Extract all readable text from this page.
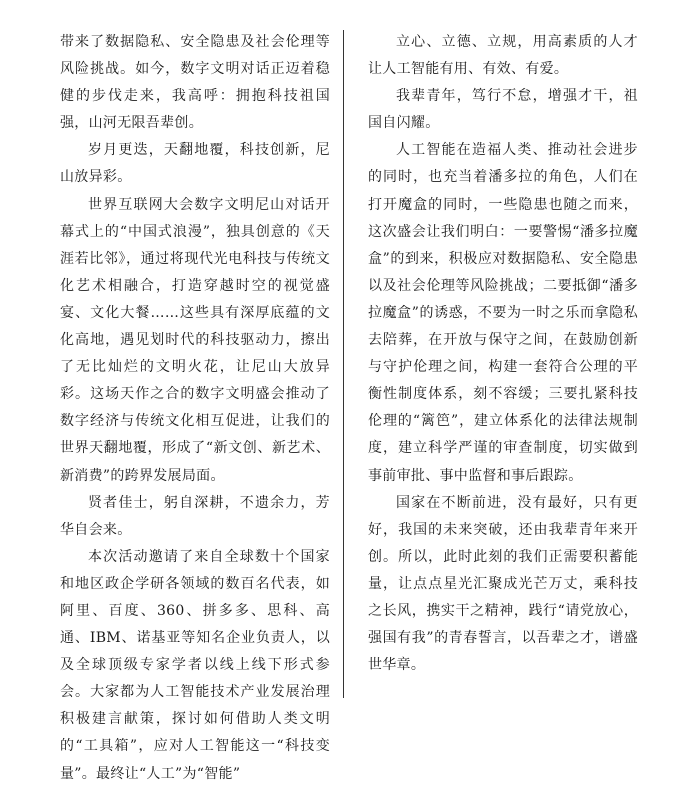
带来了数据隐私、安全隐患及社会伦理等风险挑战。如今，数字文明对话正迈着稳健的步伐走来，我高呼：拥抱科技祖国强，山河无限吾辈创。

岁月更迭，天翻地覆，科技创新，尼山放异彩。

世界互联网大会数字文明尼山对话开幕式上的“中国式浪漫”，独具创意的《天涯若比邻》，通过将现代光电科技与传统文化艺术相融合，打造穿越时空的视觉盛宴、文化大餐……这些具有深厚底蕴的文化高地，遇见划时代的科技驱动力，擦出了无比灿烂的文明火花，让尼山大放异彩。这场天作之合的数字文明盛会推动了数字经济与传统文化相互促进，让我们的世界天翻地覆，形成了“新文创、新艺术、新消费”的跨界发展局面。

贤者佳士，躬自深耕，不遗余力，芳华自会来。

本次活动邀请了来自全球数十个国家和地区政企学研各领域的数百名代表，如阿里、百度、360、拼多多、思科、高通、IBM、诺基亚等知名企业负责人，以及全球顶级专家学者以线上线下形式参会。大家都为人工智能技术产业发展治理积极建言献策，探讨如何借助人类文明的“工具箱”，应对人工智能这一“科技变量”。最终让“人工”为“智能”

立心、立德、立规，用高素质的人才让人工智能有用、有效、有爱。

我辈青年，笃行不怠，增强才干，祖国自闪耀。

人工智能在造福人类、推动社会进步的同时，也充当着潘多拉的角色，人们在打开魔盒的同时，一些隐患也随之而来，这次盛会让我们明白：一要警惕“潘多拉魔盒”的到来，积极应对数据隐私、安全隐患以及社会伦理等风险挑战；二要抵御“潘多拉魔盒”的诱惑，不要为一时之乐而拿隐私去陪葬，在开放与保守之间，在鼓励创新与守护伦理之间，构建一套符合公理的平衡性制度体系，刻不容缓；三要扎紧科技伦理的“篱笆”，建立体系化的法律法规制度，建立科学严谨的审查制度，切实做到事前审批、事中监督和事后跟踪。

国家在不断前进，没有最好，只有更好，我国的未来突破，还由我辈青年来开创。所以，此时此刻的我们正需要积蓄能量，让点点星光汇聚成光芒万丈，乘科技之长风，携实干之精神，践行“请党放心，强国有我”的青春誓言，以吾辈之才，谱盛世华章。
